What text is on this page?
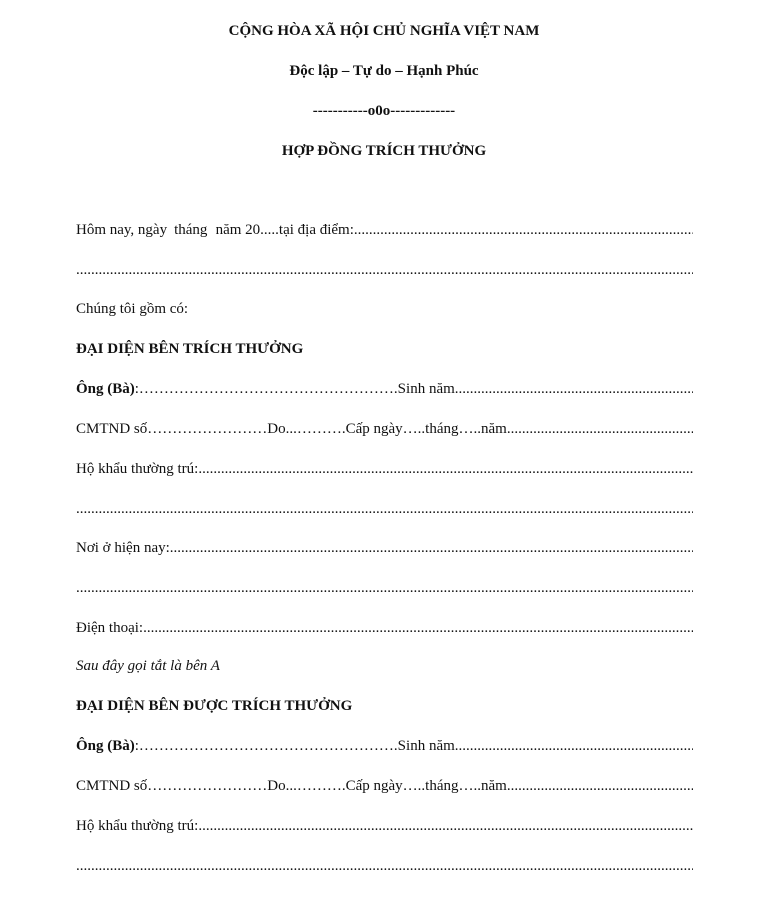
CỘNG HÒA XÃ HỘI CHỦ NGHĨA VIỆT NAM
Độc lập – Tự do – Hạnh Phúc
-----------o0o-------------
HỢP ĐỒNG TRÍCH THƯỞNG
Hôm nay, ngày tháng năm 20.....tại địa điểm:
.....
.....
Chúng tôi gồm có:
ĐẠI DIỆN BÊN TRÍCH THƯỞNG
Ông (Bà) :…………………………………………….Sinh năm
.....
CMTND số……………………Do...……….Cấp ngày…..tháng…..năm
.....
Hộ khẩu thường trú:
.....
.....
Nơi ở hiện nay:
.....
.....
Điện thoại:
.....
Sau đây gọi tắt là bên A
ĐẠI DIỆN BÊN ĐƯỢC TRÍCH THƯỞNG
Ông (Bà) :…………………………………………….Sinh năm
.....
CMTND số……………………Do...……….Cấp ngày…..tháng…..năm
.....
Hộ khẩu thường trú:
.....
.....
